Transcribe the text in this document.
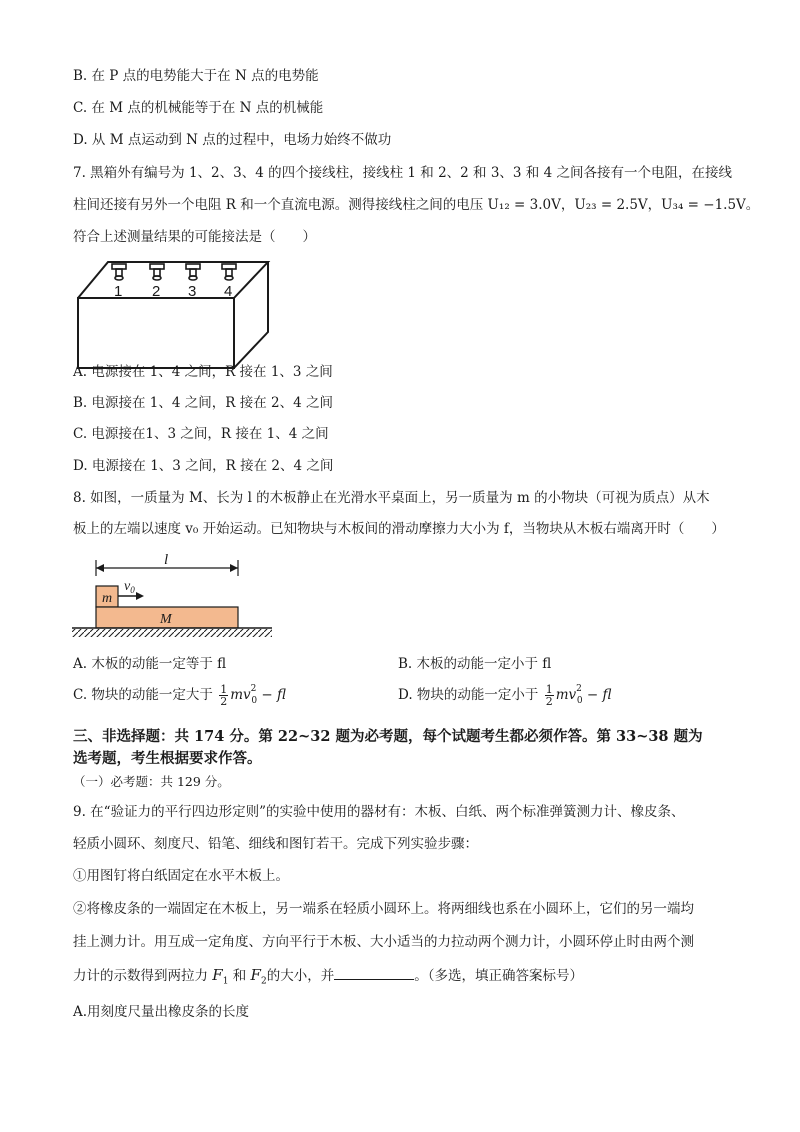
B. 在 P 点的电势能大于在 N 点的电势能
C. 在 M 点的机械能等于在 N 点的机械能
D. 从 M 点运动到 N 点的过程中，电场力始终不做功
7. 黑箱外有编号为 1、2、3、4 的四个接线柱，接线柱 1 和 2、2 和 3、3 和 4 之间各接有一个电阻，在接线
柱间还接有另外一个电阻 R 和一个直流电源。测得接线柱之间的电压 U₁₂ = 3.0V，U₂₃ = 2.5V，U₃₄ = −1.5V。
符合上述测量结果的可能接法是（　　）
1 2 3 4
A. 电源接在 1、4 之间，R 接在 1、3 之间
B. 电源接在 1、4 之间，R 接在 2、4 之间
C. 电源接在1、3 之间，R 接在 1、4 之间
D. 电源接在 1、3 之间，R 接在 2、4 之间
8. 如图，一质量为 M、长为 l 的木板静止在光滑水平桌面上，另一质量为 m 的小物块（可视为质点）从木
板上的左端以速度 v₀ 开始运动。已知物块与木板间的滑动摩擦力大小为 f，当物块从木板右端离开时（　　）
l
m
$v_0$
M
A. 木板的动能一定等于 fl	B. 木板的动能一定小于 fl
C. 物块的动能一定大于 $\frac{1}{2} mv^2_0$ − fl	D. 物块的动能一定小于 $\frac{1}{2} mv^2_0$ − fl
三、非选择题：共 174 分。第 22~32 题为必考题，每个试题考生都必须作答。第 33~38 题为
选考题，考生根据要求作答。
（一）必考题：共 129 分。
9. 在“验证力的平行四边形定则”的实验中使用的器材有：木板、白纸、两个标准弹簧测力计、橡皮条、
轻质小圆环、刻度尺、铅笔、细线和图钉若干。完成下列实验步骤：
①用图钉将白纸固定在水平木板上。
②将橡皮条的一端固定在木板上，另一端系在轻质小圆环上。将两细线也系在小圆环上，它们的另一端均
挂上测力计。用互成一定角度、方向平行于木板、大小适当的力拉动两个测力计，小圆环停止时由两个测
力计的示数得到两拉力 $F_1$ 和 $F_2$的大小，并	。（多选，填正确答案标号）
A.用刻度尺量出橡皮条的长度
